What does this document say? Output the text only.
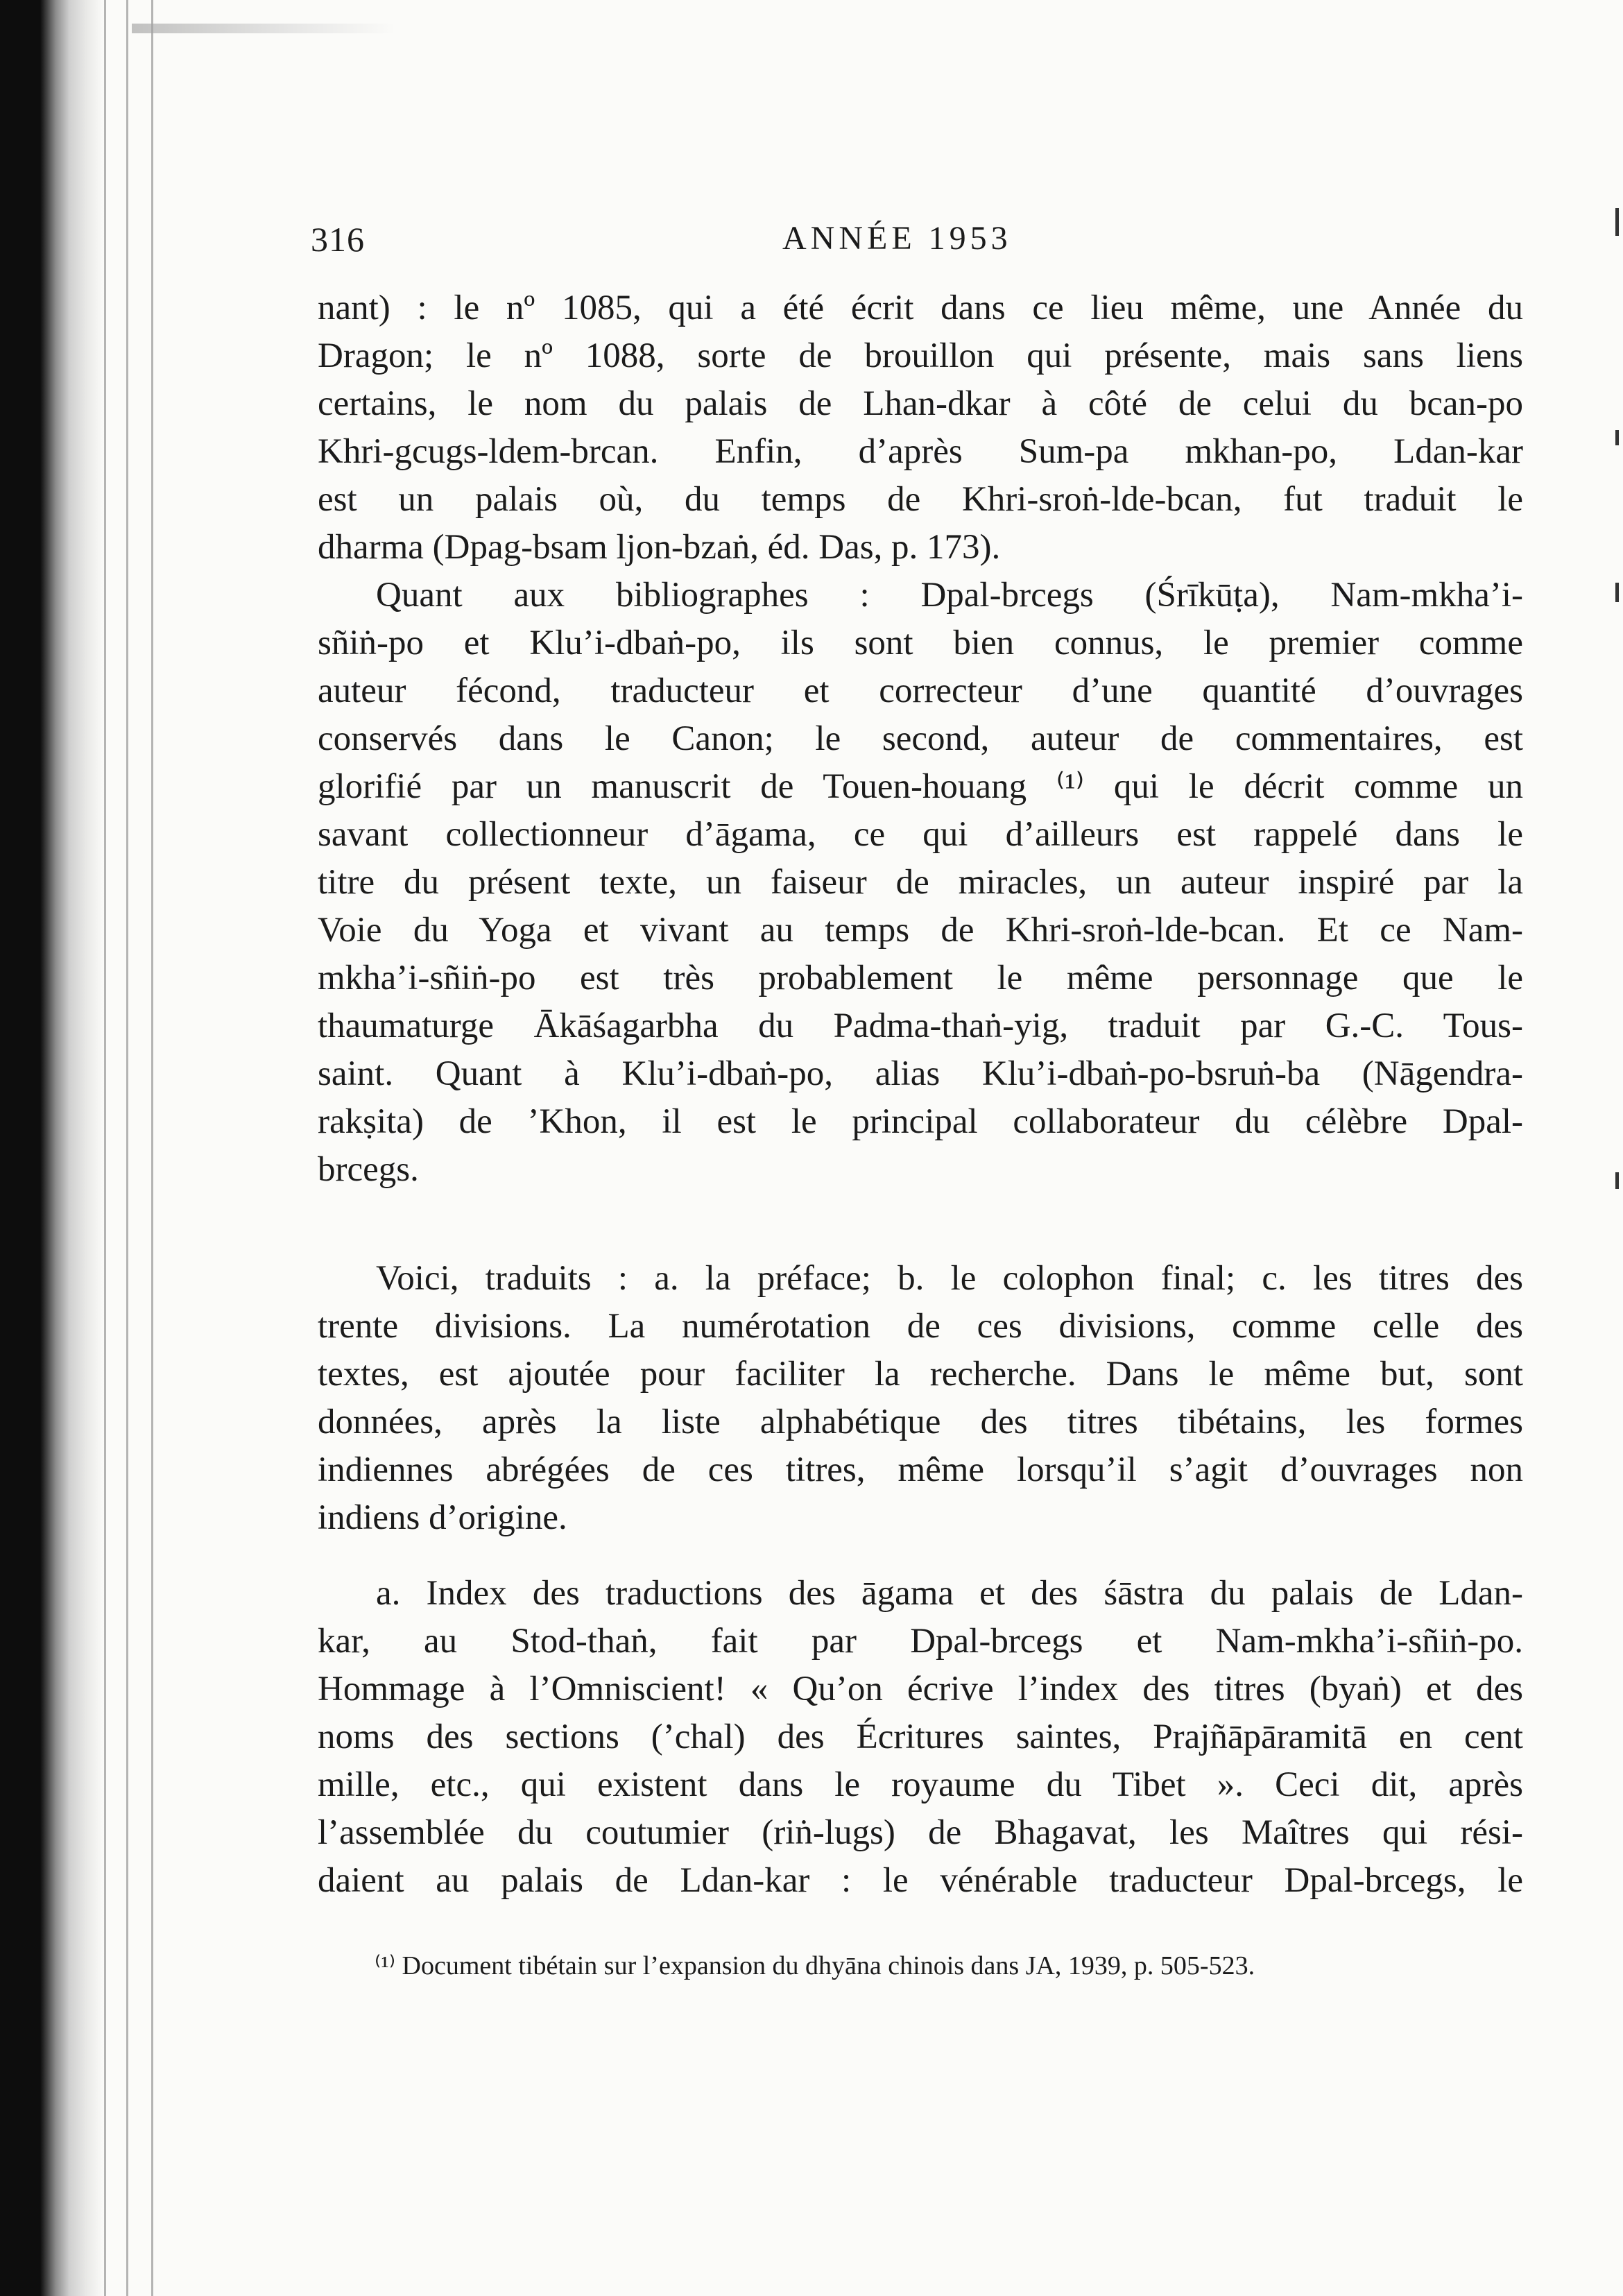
316	ANNÉE 1953
nant) : le nº 1085, qui a été écrit dans ce lieu même, une Année du
Dragon; le nº 1088, sorte de brouillon qui présente, mais sans liens
certains, le nom du palais de Lhan-dkar à côté de celui du bcan-po
Khri-gcugs-ldem-brcan. Enfin, d’après Sum-pa mkhan-po, Ldan-kar
est un palais où, du temps de Khri-sroṅ-lde-bcan, fut traduit le
dharma (Dpag-bsam ljon-bzaṅ, éd. Das, p. 173).
Quant aux bibliographes : Dpal-brcegs (Śrīkūṭa), Nam-mkha’i-
sñiṅ-po et Klu’i-dbaṅ-po, ils sont bien connus, le premier comme
auteur fécond, traducteur et correcteur d’une quantité d’ouvrages
conservés dans le Canon; le second, auteur de commentaires, est
glorifié par un manuscrit de Touen-houang ⁽¹⁾ qui le décrit comme un
savant collectionneur d’āgama, ce qui d’ailleurs est rappelé dans le
titre du présent texte, un faiseur de miracles, un auteur inspiré par la
Voie du Yoga et vivant au temps de Khri-sroṅ-lde-bcan. Et ce Nam-
mkha’i-sñiṅ-po est très probablement le même personnage que le
thaumaturge Ākāśagarbha du Padma-thaṅ-yig, traduit par G.-C. Tous-
saint. Quant à Klu’i-dbaṅ-po, alias Klu’i-dbaṅ-po-bsruṅ-ba (Nāgendra-
rakṣita) de ’Khon, il est le principal collaborateur du célèbre Dpal-
brcegs.
Voici, traduits : a. la préface; b. le colophon final; c. les titres des
trente divisions. La numérotation de ces divisions, comme celle des
textes, est ajoutée pour faciliter la recherche. Dans le même but, sont
données, après la liste alphabétique des titres tibétains, les formes
indiennes abrégées de ces titres, même lorsqu’il s’agit d’ouvrages non
indiens d’origine.
a. Index des traductions des āgama et des śāstra du palais de Ldan-
kar, au Stod-thaṅ, fait par Dpal-brcegs et Nam-mkha’i-sñiṅ-po.
Hommage à l’Omniscient! « Qu’on écrive l’index des titres (byaṅ) et des
noms des sections (’chal) des Écritures saintes, Prajñāpāramitā en cent
mille, etc., qui existent dans le royaume du Tibet ». Ceci dit, après
l’assemblée du coutumier (riṅ-lugs) de Bhagavat, les Maîtres qui rési-
daient au palais de Ldan-kar : le vénérable traducteur Dpal-brcegs, le
⁽¹⁾ Document tibétain sur l’expansion du dhyāna chinois dans JA, 1939, p. 505-523.
